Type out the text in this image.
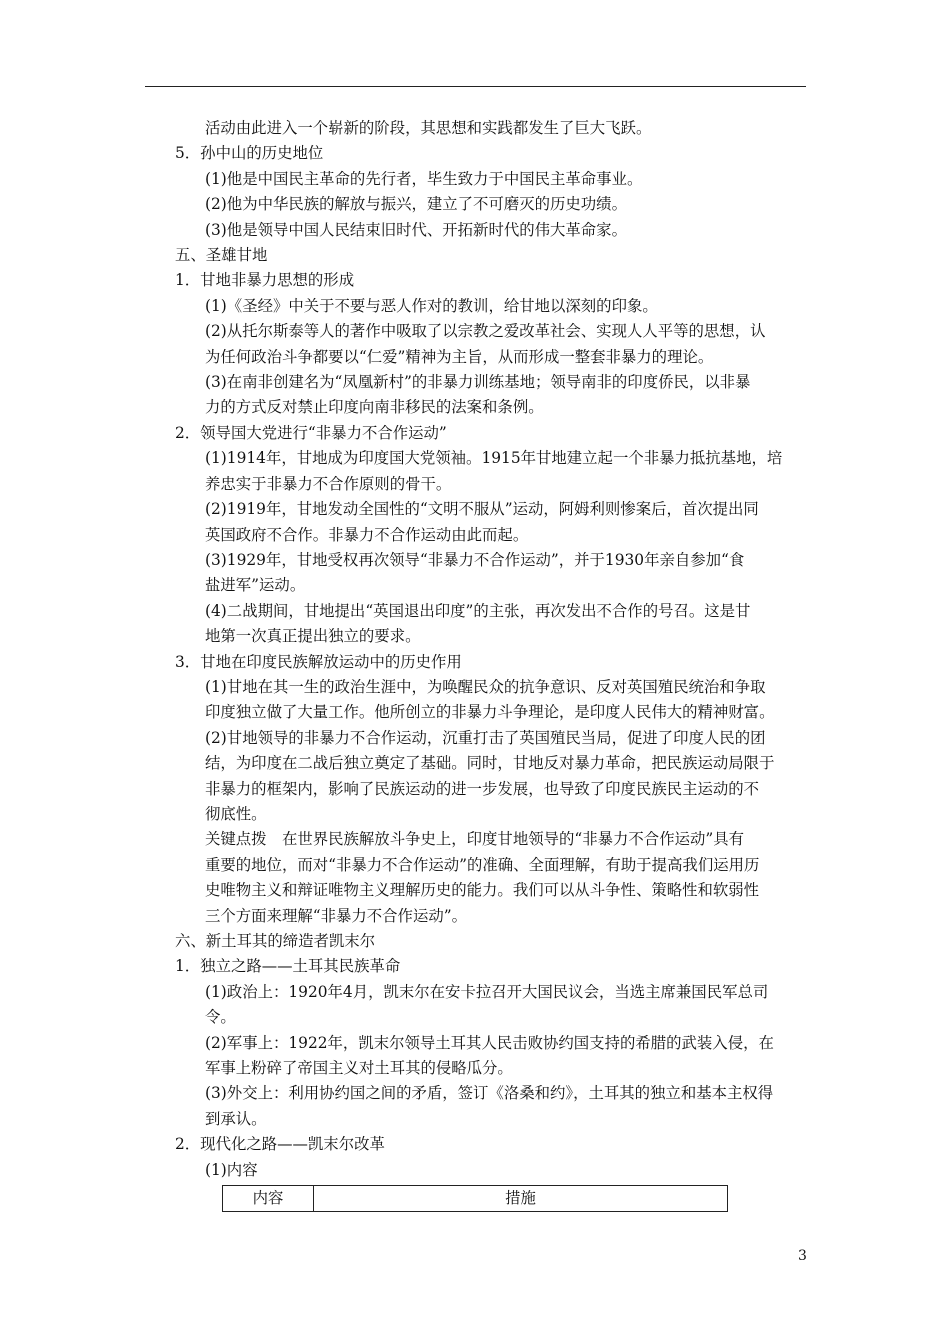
活动由此进入一个崭新的阶段，其思想和实践都发生了巨大飞跃。
5．孙中山的历史地位
(1)他是中国民主革命的先行者，毕生致力于中国民主革命事业。
(2)他为中华民族的解放与振兴，建立了不可磨灭的历史功绩。
(3)他是领导中国人民结束旧时代、开拓新时代的伟大革命家。
五、圣雄甘地
1．甘地非暴力思想的形成
(1)《圣经》中关于不要与恶人作对的教训，给甘地以深刻的印象。
(2)从托尔斯泰等人的著作中吸取了以宗教之爱改革社会、实现人人平等的思想，认
为任何政治斗争都要以“仁爱”精神为主旨，从而形成一整套非暴力的理论。
(3)在南非创建名为“凤凰新村”的非暴力训练基地；领导南非的印度侨民，以非暴
力的方式反对禁止印度向南非移民的法案和条例。
2．领导国大党进行“非暴力不合作运动”
(1)1914年，甘地成为印度国大党领袖。1915年甘地建立起一个非暴力抵抗基地，培
养忠实于非暴力不合作原则的骨干。
(2)1919年，甘地发动全国性的“文明不服从”运动，阿姆利则惨案后，首次提出同
英国政府不合作。非暴力不合作运动由此而起。
(3)1929年，甘地受权再次领导“非暴力不合作运动”，并于1930年亲自参加“食
盐进军”运动。
(4)二战期间，甘地提出“英国退出印度”的主张，再次发出不合作的号召。这是甘
地第一次真正提出独立的要求。
3．甘地在印度民族解放运动中的历史作用
(1)甘地在其一生的政治生涯中，为唤醒民众的抗争意识、反对英国殖民统治和争取
印度独立做了大量工作。他所创立的非暴力斗争理论，是印度人民伟大的精神财富。
(2)甘地领导的非暴力不合作运动，沉重打击了英国殖民当局，促进了印度人民的团
结，为印度在二战后独立奠定了基础。同时，甘地反对暴力革命，把民族运动局限于
非暴力的框架内，影响了民族运动的进一步发展，也导致了印度民族民主运动的不
彻底性。
关键点拨　在世界民族解放斗争史上，印度甘地领导的“非暴力不合作运动”具有
重要的地位，而对“非暴力不合作运动”的准确、全面理解，有助于提高我们运用历
史唯物主义和辩证唯物主义理解历史的能力。我们可以从斗争性、策略性和软弱性
三个方面来理解“非暴力不合作运动”。
六、新土耳其的缔造者凯末尔
1．独立之路——土耳其民族革命
(1)政治上：1920年4月，凯末尔在安卡拉召开大国民议会，当选主席兼国民军总司
令。
(2)军事上：1922年，凯末尔领导土耳其人民击败协约国支持的希腊的武装入侵，在
军事上粉碎了帝国主义对土耳其的侵略瓜分。
(3)外交上：利用协约国之间的矛盾，签订《洛桑和约》，土耳其的独立和基本主权得
到承认。
2．现代化之路——凯末尔改革
(1)内容
内容	措施
3
